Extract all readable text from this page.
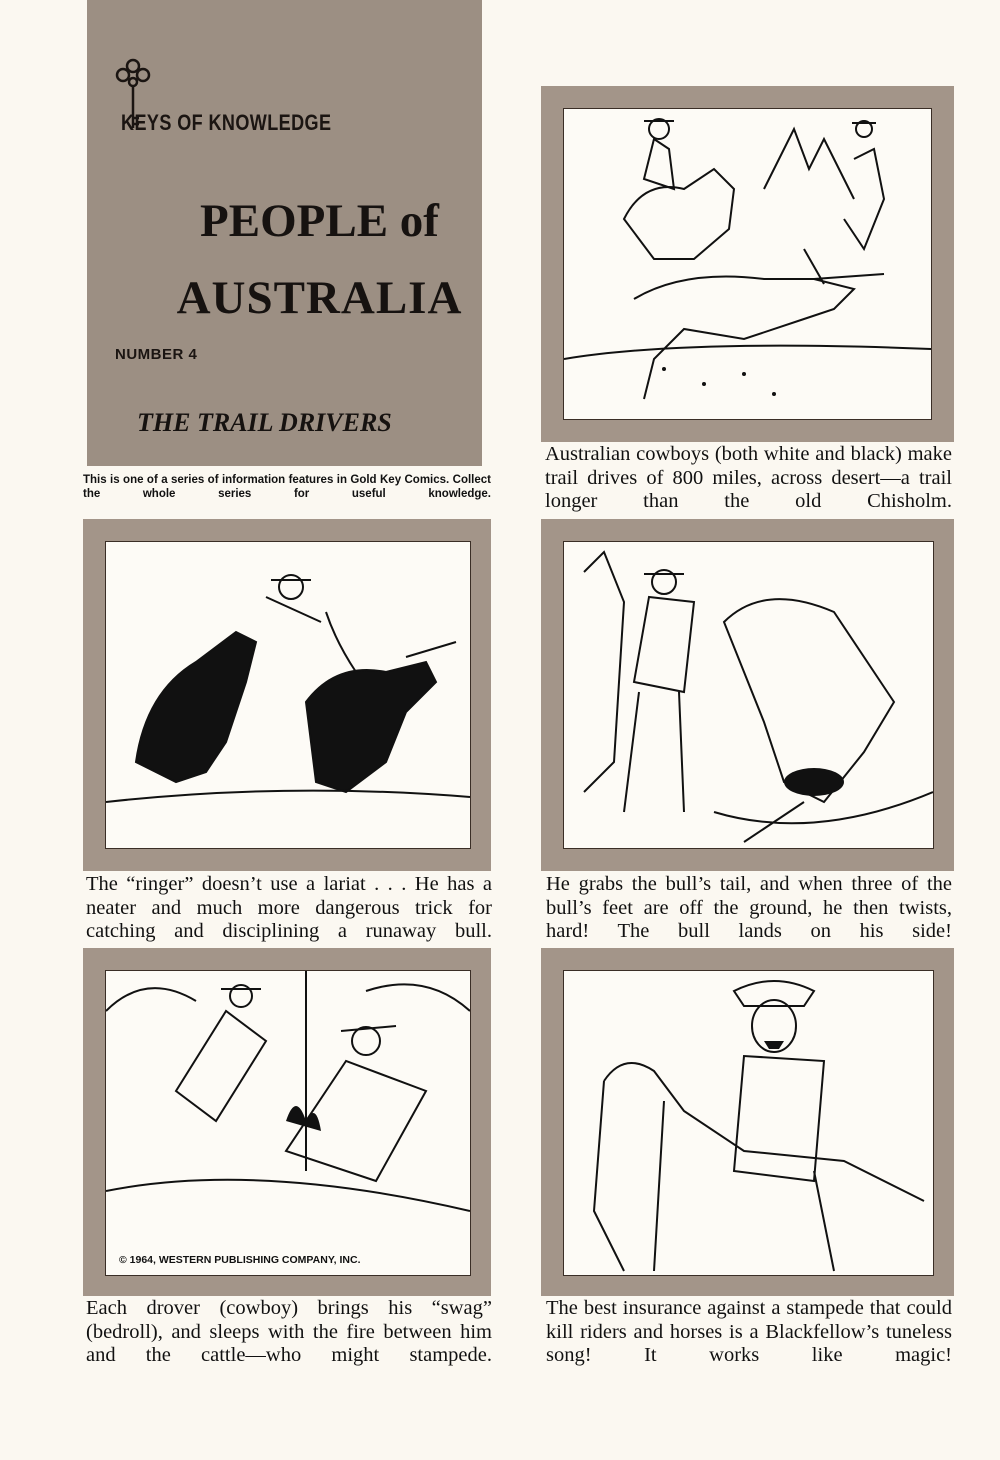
KEYS OF KNOWLEDGE
PEOPLE of
AUSTRALIA
NUMBER 4
THE TRAIL DRIVERS
This is one of a series of information features in Gold Key Comics. Collect the whole series for useful knowledge.
Australian cowboys (both white and black) make trail drives of 800 miles, across desert—a trail longer than the old Chisholm.
The “ringer” doesn’t use a lariat . . . He has a neater and much more dangerous trick for catching and disciplining a runaway bull.
He grabs the bull’s tail, and when three of the bull’s feet are off the ground, he then twists, hard! The bull lands on his side!
© 1964, WESTERN PUBLISHING COMPANY, INC.
Each drover (cowboy) brings his “swag” (bedroll), and sleeps with the fire between him and the cattle—who might stampede.
The best insurance against a stampede that could kill riders and horses is a Blackfellow’s tuneless song! It works like magic!
